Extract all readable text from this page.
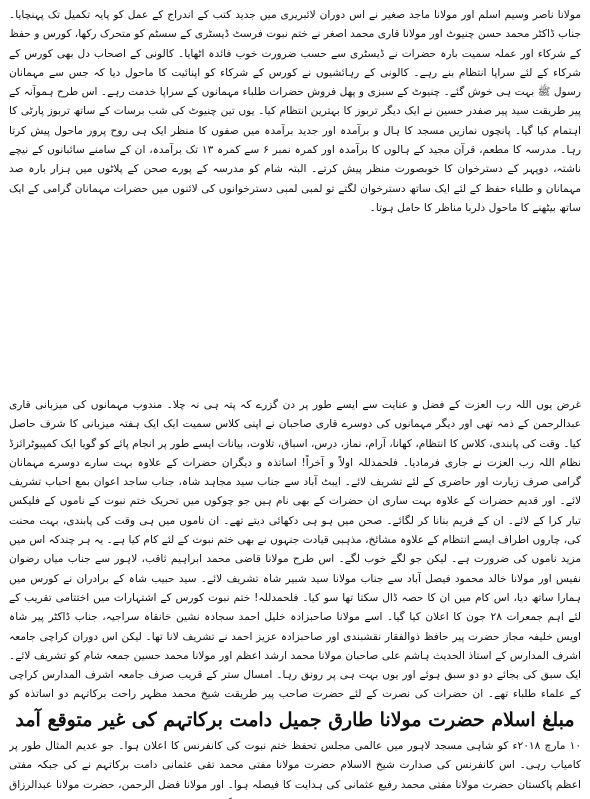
مولانا ناصر وسیم اسلم اور مولانا ماجد صغیر نے اس دوران لائبریری میں جدید کتب کے اندراج کے عمل کو پایہ تکمیل تک پہنچایا۔ جناب ڈاکٹر محمد حسن چنیوٹ اور مولانا قاری محمد اصغر نے ختم نبوت فرسٹ ڈیسٹری کے سسٹم کو متحرک رکھا، کورس و حفظ کے شرکاء اور عملہ سمیت بارہ حضرات نے ڈیسٹری سے حسب ضرورت خوب فائدہ اٹھایا۔ کالونی کے اصحاب دل بھی کورس کے شرکاء کے لئے سراپا انتظام بنے رہے۔ کالونی کے رہائشیوں نے کورس کے شرکاء کو اپنائیت کا ماحول دیا کہ جس سے مہمانان رسول ﷺ بہت ہی خوش گئے۔ چنیوٹ کے سبزی و پھل فروش حضرات طلباء مہمانوں کے سراپا خدمت رہے۔ اس طرح ہموآنہ کے پیر طریقت سید پیر صفدر حسین نے ایک دیگر تربوز کا بہترین انتظام کیا۔ یوں تین چنیوٹ کی شب برسات کے ساتھ تربوز پارٹی کا اہتمام کیا گیا۔ پانچوں نمازیں مسجد کا ہال و برآمدہ اور جدید برآمدہ میں صفوں کا منظر ایک ہی روح پرور ماحول پیش کرتا رہا۔ مدرسہ کا مطعم، قرآن مجید کے ہالوں کا برآمدہ اور کمرہ نمبر ۶ سے کمرہ ۱۳ تک برآمدہ، ان کے سامنے سائبانوں کے نیچے ناشتہ، دوپہر کے دسترخوان کا خوبصورت منظر پیش کرتے۔ البتہ شام کو مدرسہ کے پورے صحن کے پلاٹوں میں ہزار بارہ صد مہمانان و طلباء حفظ کے لئے ایک ساتھ دسترخوان لگتے تو لمبی لمبی دسترخوانوں کی لائنوں میں حضرات مہمانان گرامی کے ایک ساتھ بیٹھنے کا ماحول دلربا مناظر کا حامل ہوتا۔

غرض یوں اللہ رب العزت کے فضل و عنایت سے ایسے طور پر دن گزرے کہ پتہ ہی نہ چلا۔ مندوب مہمانوں کی میزبانی قاری عبدالرحمن کے ذمہ تھی اور دیگر مہمانوں کی دوسرے قاری صاحبان نے اپنی کلاس سمیت ایک ایک ہفتہ میزبانی کا شرف حاصل کیا۔ وقت کی پابندی، کلاس کا انتظام، کھانا، آرام، نماز، درس، اسباق، تلاوت، بیانات ایسے طور پر انجام پائے کو گویا ایک کمپیوٹرائزڈ نظام اللہ رب العزت نے جاری فرمادیا۔ فلحمدللہ اولاً و آخراً! اساتذہ و دیگران حضرات کے علاوہ بہت سارے دوسرے مہمانان گرامی صرف زیارت اور حاضری کے لئے تشریف لائے۔ ایبٹ آباد سے جناب سید مجاہد شاہ، جناب ساجد اعوان بمع احباب تشریف لائے۔ اور قدیم حضرات کے علاوہ بہت ساری ان حضرات کے بھی نام ہیں جو چوکوں میں تحریک ختم نبوت کے ناموں کے فلیکس تیار کرا کے لائے۔ ان کے فریم بنانا کر لگائے۔ صحن میں ہو ہی دکھائی دیتے تھے۔ ان ناموں میں ہی وقت کی پابندی، بہت محنت کی، چاروں اطراف ایسے انتظام کے علاوہ مشائخ، مذہبی قیادت جنہوں نے بھی ختم نبوت کے لئے کام کیا ہے۔ یہ ہر چندکہ اس میں مزید ناموں کی ضرورت ہے۔ لیکن جو لگے خوب لگے۔ اس طرح مولانا قاضی محمد ابراہیم ثاقب، لاہور سے جناب میاں رضوان نفیس اور مولانا خالد محمود فیصل آباد سے جناب مولانا سید شبیر شاہ تشریف لائے۔ سید حبیب شاہ کے برادران نے کورس میں ہمارا ساتھ دیا، اس کام میں ان کا حصہ ڈال سکتا تھا سو کیا۔ فلحمدللہ! ختم نبوت کورس کے اشتہارات میں اختتامی تقریب کے لئے اہم جمعرات ۲۸ جون کا اعلان کیا گیا۔ اسے مولانا صاحبزادہ خلیل احمد سجادہ نشین خانقاہ سراجیہ، جناب ڈاکٹر پیر شاہ اویس خلیفہ مجاز حضرت پیر حافظ ذوالفقار نقشبندی اور صاحبزادہ عزیز احمد نے تشریف لانا تھا۔ لیکن اس دوران کراچی جامعہ اشرف المدارس کے استاذ الحدیث ہاشم علی صاحبان مولانا محمد ارشد اعظم اور مولانا محمد حسین جمعہ شام کو تشریف لائے۔ ایک سبق کی بجائے دو دو سبق ہوئے اور یوں بہت ہی پر رونق رہا۔ امسال ستر کے قریب صرف جامعہ اشرف المدارس کراچی کے علماء طلباء تھے۔ ان حضرات کی نصرت کے لئے حضرت صاحب پیر طریقت شیخ محمد مظہر راحت برکاتہم دو اساتذہ کو

مبلغ اسلام حضرت مولانا طارق جمیل دامت برکاتہم کی غیر متوقع آمد

۱۰ مارچ ۲۰۱۸ء کو شاہی مسجد لاہور میں عالمی مجلس تحفظ ختم نبوت کی کانفرنس کا اعلان ہوا۔ جو عدیم المثال طور پر کامیاب رہی۔ اس کانفرنس کی صدارت شیخ الاسلام حضرت مولانا مفتی محمد تقی عثمانی دامت برکاتہم نے کی جبکہ مفتی اعظم پاکستان حضرت مولانا مفتی محمد رفیع عثمانی کی ہدایت کا فیصلہ ہوا۔ اور مولانا فضل الرحمن، حضرت مولانا عبدالرزاق
